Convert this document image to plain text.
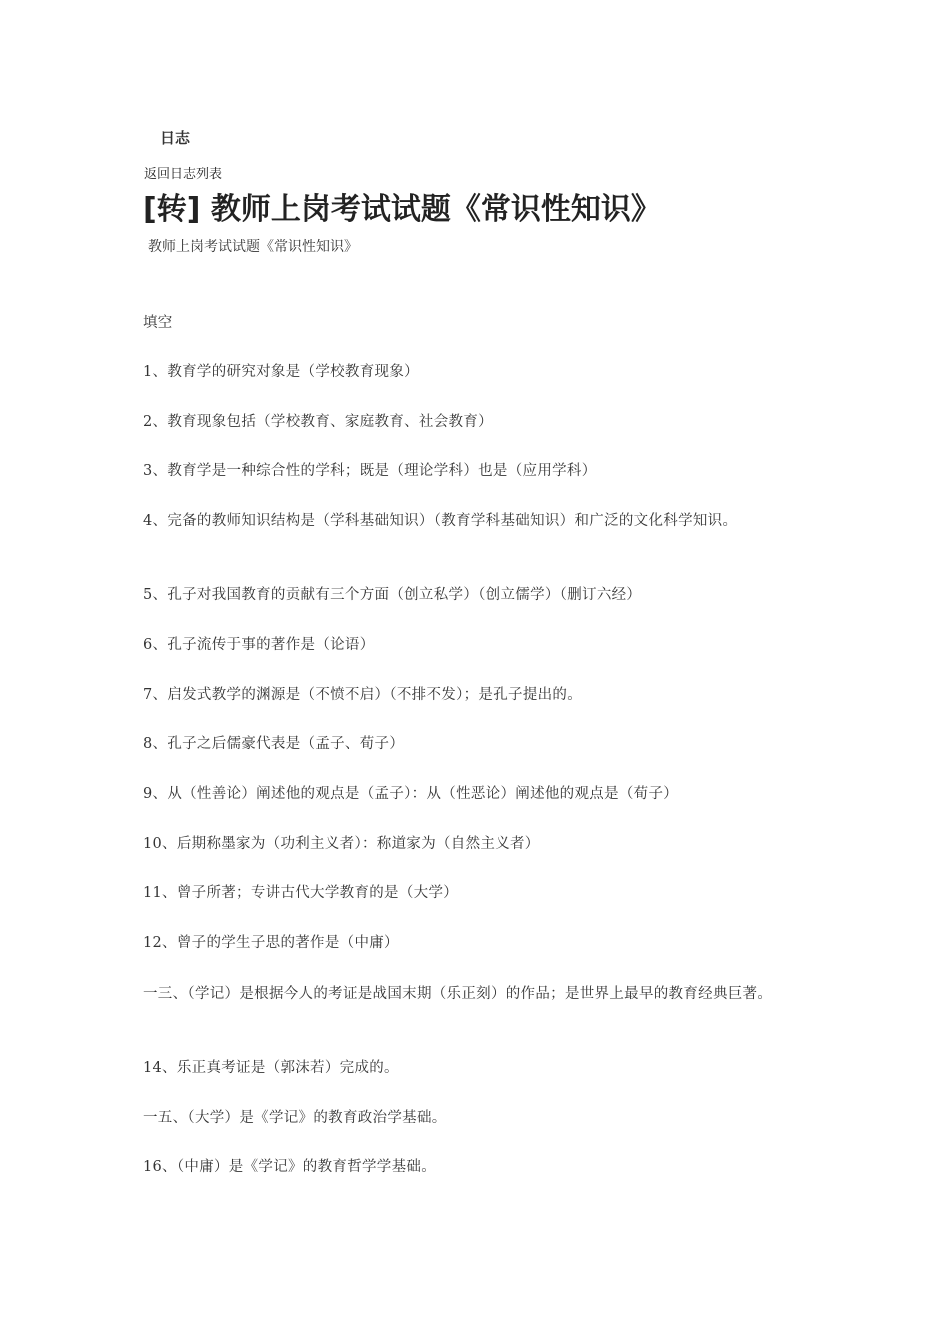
日志
返回日志列表
[转] 教师上岗考试试题《常识性知识》
教师上岗考试试题《常识性知识》

填空

1、教育学的研究对象是（学校教育现象）

2、教育现象包括（学校教育、家庭教育、社会教育）

3、教育学是一种综合性的学科；既是（理论学科）也是（应用学科）

4、完备的教师知识结构是（学科基础知识）（教育学科基础知识）和广泛的文化科学知识。

5、孔子对我国教育的贡献有三个方面（创立私学）（创立儒学）（删订六经）

6、孔子流传于事的著作是（论语）

7、启发式教学的渊源是（不愤不启）（不排不发）；是孔子提出的。

8、孔子之后儒豪代表是（孟子、荀子）

9、从（性善论）阐述他的观点是（孟子）：从（性恶论）阐述他的观点是（荀子）

10、后期称墨家为（功利主义者）：称道家为（自然主义者）

11、曾子所著；专讲古代大学教育的是（大学）

12、曾子的学生子思的著作是（中庸）

一三、（学记）是根据今人的考证是战国末期（乐正刻）的作品；是世界上最早的教育经典巨著。

14、乐正真考证是（郭沫若）完成的。

一五、（大学）是《学记》的教育政治学基础。

16、（中庸）是《学记》的教育哲学学基础。
